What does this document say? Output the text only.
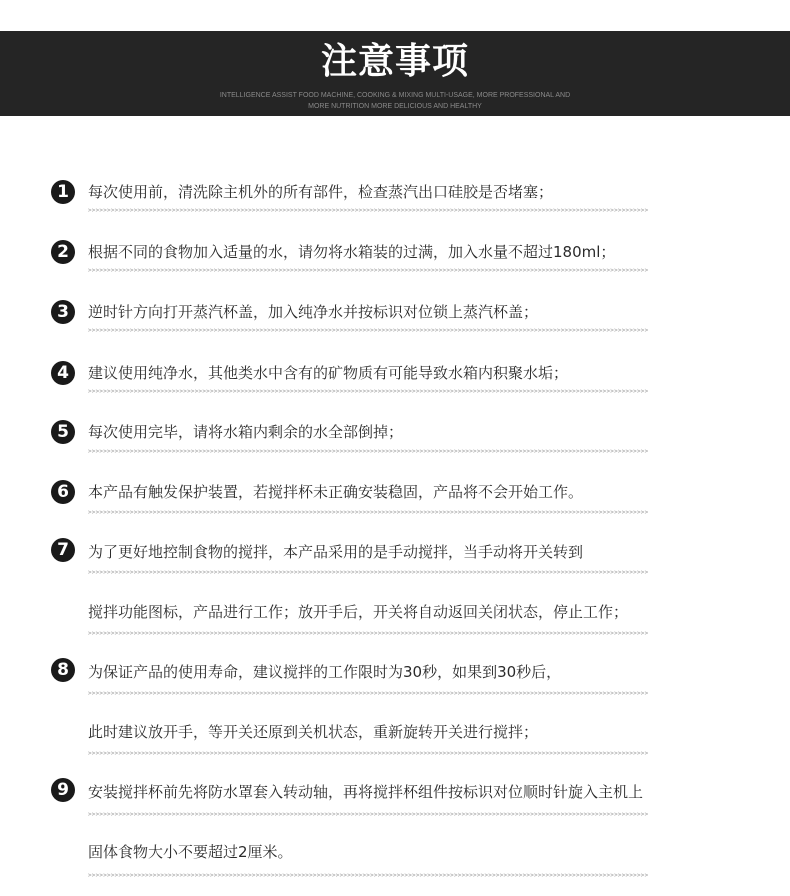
注意事项
INTELLIGENCE ASSIST FOOD MACHINE, COOKING & MIXING MULTI-USAGE, MORE PROFESSIONAL AND
MORE NUTRITION MORE DELICIOUS AND HEALTHY
1	每次使用前，清洗除主机外的所有部件，检查蒸汽出口硅胶是否堵塞；
>>>>>>>>>>>>>>>>>>>>>>>>>>>>>>>>>>>>>>>>>>>>>>>>>>>>>>>>>>>>>>>>>>>>>>>>>>>>>>>>>>>>>>>>>>>>>>>>>>>>>>>>>>>>>>>>>>>>>>>>>>>>>>>>>>>>>>>>>>>>>>>>>>>
2	根据不同的食物加入适量的水，请勿将水箱装的过满，加入水量不超过180ml；
>>>>>>>>>>>>>>>>>>>>>>>>>>>>>>>>>>>>>>>>>>>>>>>>>>>>>>>>>>>>>>>>>>>>>>>>>>>>>>>>>>>>>>>>>>>>>>>>>>>>>>>>>>>>>>>>>>>>>>>>>>>>>>>>>>>>>>>>>>>>>>>>>>>
3	逆时针方向打开蒸汽杯盖，加入纯净水并按标识对位锁上蒸汽杯盖；
>>>>>>>>>>>>>>>>>>>>>>>>>>>>>>>>>>>>>>>>>>>>>>>>>>>>>>>>>>>>>>>>>>>>>>>>>>>>>>>>>>>>>>>>>>>>>>>>>>>>>>>>>>>>>>>>>>>>>>>>>>>>>>>>>>>>>>>>>>>>>>>>>>>
4	建议使用纯净水，其他类水中含有的矿物质有可能导致水箱内积聚水垢；
>>>>>>>>>>>>>>>>>>>>>>>>>>>>>>>>>>>>>>>>>>>>>>>>>>>>>>>>>>>>>>>>>>>>>>>>>>>>>>>>>>>>>>>>>>>>>>>>>>>>>>>>>>>>>>>>>>>>>>>>>>>>>>>>>>>>>>>>>>>>>>>>>>>
5	每次使用完毕，请将水箱内剩余的水全部倒掉；
>>>>>>>>>>>>>>>>>>>>>>>>>>>>>>>>>>>>>>>>>>>>>>>>>>>>>>>>>>>>>>>>>>>>>>>>>>>>>>>>>>>>>>>>>>>>>>>>>>>>>>>>>>>>>>>>>>>>>>>>>>>>>>>>>>>>>>>>>>>>>>>>>>>
6	本产品有触发保护装置，若搅拌杯未正确安装稳固，产品将不会开始工作。
>>>>>>>>>>>>>>>>>>>>>>>>>>>>>>>>>>>>>>>>>>>>>>>>>>>>>>>>>>>>>>>>>>>>>>>>>>>>>>>>>>>>>>>>>>>>>>>>>>>>>>>>>>>>>>>>>>>>>>>>>>>>>>>>>>>>>>>>>>>>>>>>>>>
7	为了更好地控制食物的搅拌，本产品采用的是手动搅拌，当手动将开关转到
>>>>>>>>>>>>>>>>>>>>>>>>>>>>>>>>>>>>>>>>>>>>>>>>>>>>>>>>>>>>>>>>>>>>>>>>>>>>>>>>>>>>>>>>>>>>>>>>>>>>>>>>>>>>>>>>>>>>>>>>>>>>>>>>>>>>>>>>>>>>>>>>>>>
搅拌功能图标，产品进行工作；放开手后，开关将自动返回关闭状态，停止工作；
>>>>>>>>>>>>>>>>>>>>>>>>>>>>>>>>>>>>>>>>>>>>>>>>>>>>>>>>>>>>>>>>>>>>>>>>>>>>>>>>>>>>>>>>>>>>>>>>>>>>>>>>>>>>>>>>>>>>>>>>>>>>>>>>>>>>>>>>>>>>>>>>>>>
8	为保证产品的使用寿命，建议搅拌的工作限时为30秒，如果到30秒后，
>>>>>>>>>>>>>>>>>>>>>>>>>>>>>>>>>>>>>>>>>>>>>>>>>>>>>>>>>>>>>>>>>>>>>>>>>>>>>>>>>>>>>>>>>>>>>>>>>>>>>>>>>>>>>>>>>>>>>>>>>>>>>>>>>>>>>>>>>>>>>>>>>>>
此时建议放开手，等开关还原到关机状态，重新旋转开关进行搅拌；
>>>>>>>>>>>>>>>>>>>>>>>>>>>>>>>>>>>>>>>>>>>>>>>>>>>>>>>>>>>>>>>>>>>>>>>>>>>>>>>>>>>>>>>>>>>>>>>>>>>>>>>>>>>>>>>>>>>>>>>>>>>>>>>>>>>>>>>>>>>>>>>>>>>
9	安装搅拌杯前先将防水罩套入转动轴，再将搅拌杯组件按标识对位顺时针旋入主机上
>>>>>>>>>>>>>>>>>>>>>>>>>>>>>>>>>>>>>>>>>>>>>>>>>>>>>>>>>>>>>>>>>>>>>>>>>>>>>>>>>>>>>>>>>>>>>>>>>>>>>>>>>>>>>>>>>>>>>>>>>>>>>>>>>>>>>>>>>>>>>>>>>>>
固体食物大小不要超过2厘米。
>>>>>>>>>>>>>>>>>>>>>>>>>>>>>>>>>>>>>>>>>>>>>>>>>>>>>>>>>>>>>>>>>>>>>>>>>>>>>>>>>>>>>>>>>>>>>>>>>>>>>>>>>>>>>>>>>>>>>>>>>>>>>>>>>>>>>>>>>>>>>>>>>>>
